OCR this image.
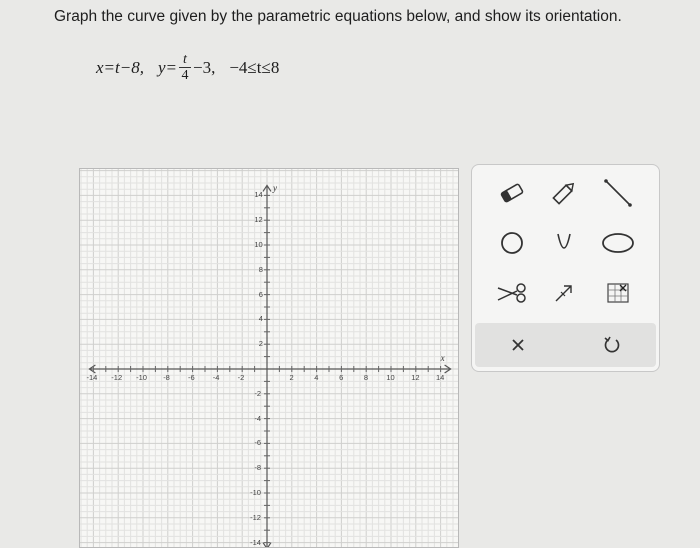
Graph the curve given by the parametric equations below, and show its orientation.
x=t−8, $y= \frac{t}{4} -3$, −4≤t≤8
-14 -12 -10 -8 -6 -4 -2	2	4	6	8 10 12 14
14
12
10
8
6
4
2
-2
-4
-6
-8
-10
-12
-14
x
y
